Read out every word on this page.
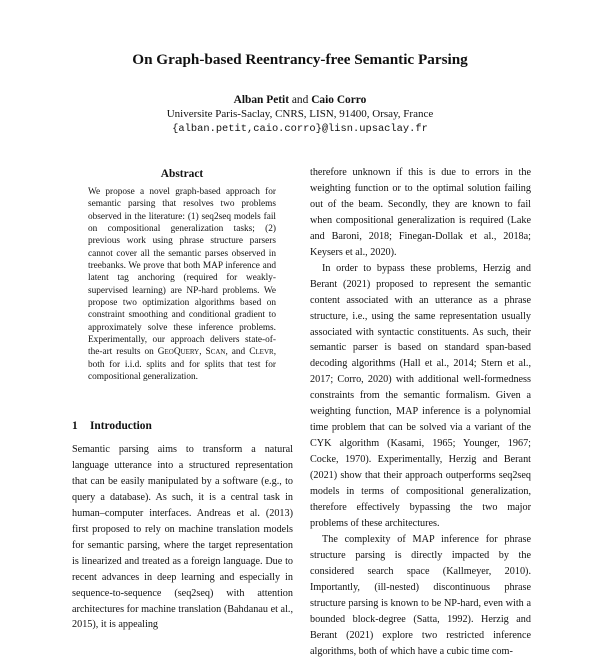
On Graph-based Reentrancy-free Semantic Parsing
Alban Petit and Caio Corro
Universite Paris-Saclay, CNRS, LISN, 91400, Orsay, France
{alban.petit,caio.corro}@lisn.upsaclay.fr
Abstract
We propose a novel graph-based approach for semantic parsing that resolves two problems observed in the literature: (1) seq2seq models fail on compositional generalization tasks; (2) previous work using phrase structure parsers cannot cover all the semantic parses observed in treebanks. We prove that both MAP inference and latent tag anchoring (required for weakly-supervised learning) are NP-hard problems. We propose two optimization algorithms based on constraint smoothing and conditional gradient to approximately solve these inference problems. Experimentally, our approach delivers state-of-the-art results on GeoQuery, Scan, and Clevr, both for i.i.d. splits and for splits that test for compositional generalization.
1 Introduction

Semantic parsing aims to transform a natural language utterance into a structured representation that can be easily manipulated by a software (e.g., to query a database). As such, it is a central task in human–computer interfaces. Andreas et al. (2013) first proposed to rely on machine translation models for semantic parsing, where the target representation is linearized and treated as a foreign language. Due to recent advances in deep learning and especially in sequence-to-sequence (seq2seq) with attention architectures for machine translation (Bahdanau et al., 2015), it is appealing

therefore unknown if this is due to errors in the weighting function or to the optimal solution failing out of the beam. Secondly, they are known to fail when compositional generalization is required (Lake and Baroni, 2018; Finegan-Dollak et al., 2018a; Keysers et al., 2020).

In order to bypass these problems, Herzig and Berant (2021) proposed to represent the semantic content associated with an utterance as a phrase structure, i.e., using the same representation usually associated with syntactic constituents. As such, their semantic parser is based on standard span-based decoding algorithms (Hall et al., 2014; Stern et al., 2017; Corro, 2020) with additional well-formedness constraints from the semantic formalism. Given a weighting function, MAP inference is a polynomial time problem that can be solved via a variant of the CYK algorithm (Kasami, 1965; Younger, 1967; Cocke, 1970). Experimentally, Herzig and Berant (2021) show that their approach outperforms seq2seq models in terms of compositional generalization, therefore effectively bypassing the two major problems of these architectures.

The complexity of MAP inference for phrase structure parsing is directly impacted by the considered search space (Kallmeyer, 2010). Importantly, (ill-nested) discontinuous phrase structure parsing is known to be NP-hard, even with a bounded block-degree (Satta, 1992). Herzig and Berant (2021) explore two restricted inference algorithms, both of which have a cubic time com-
